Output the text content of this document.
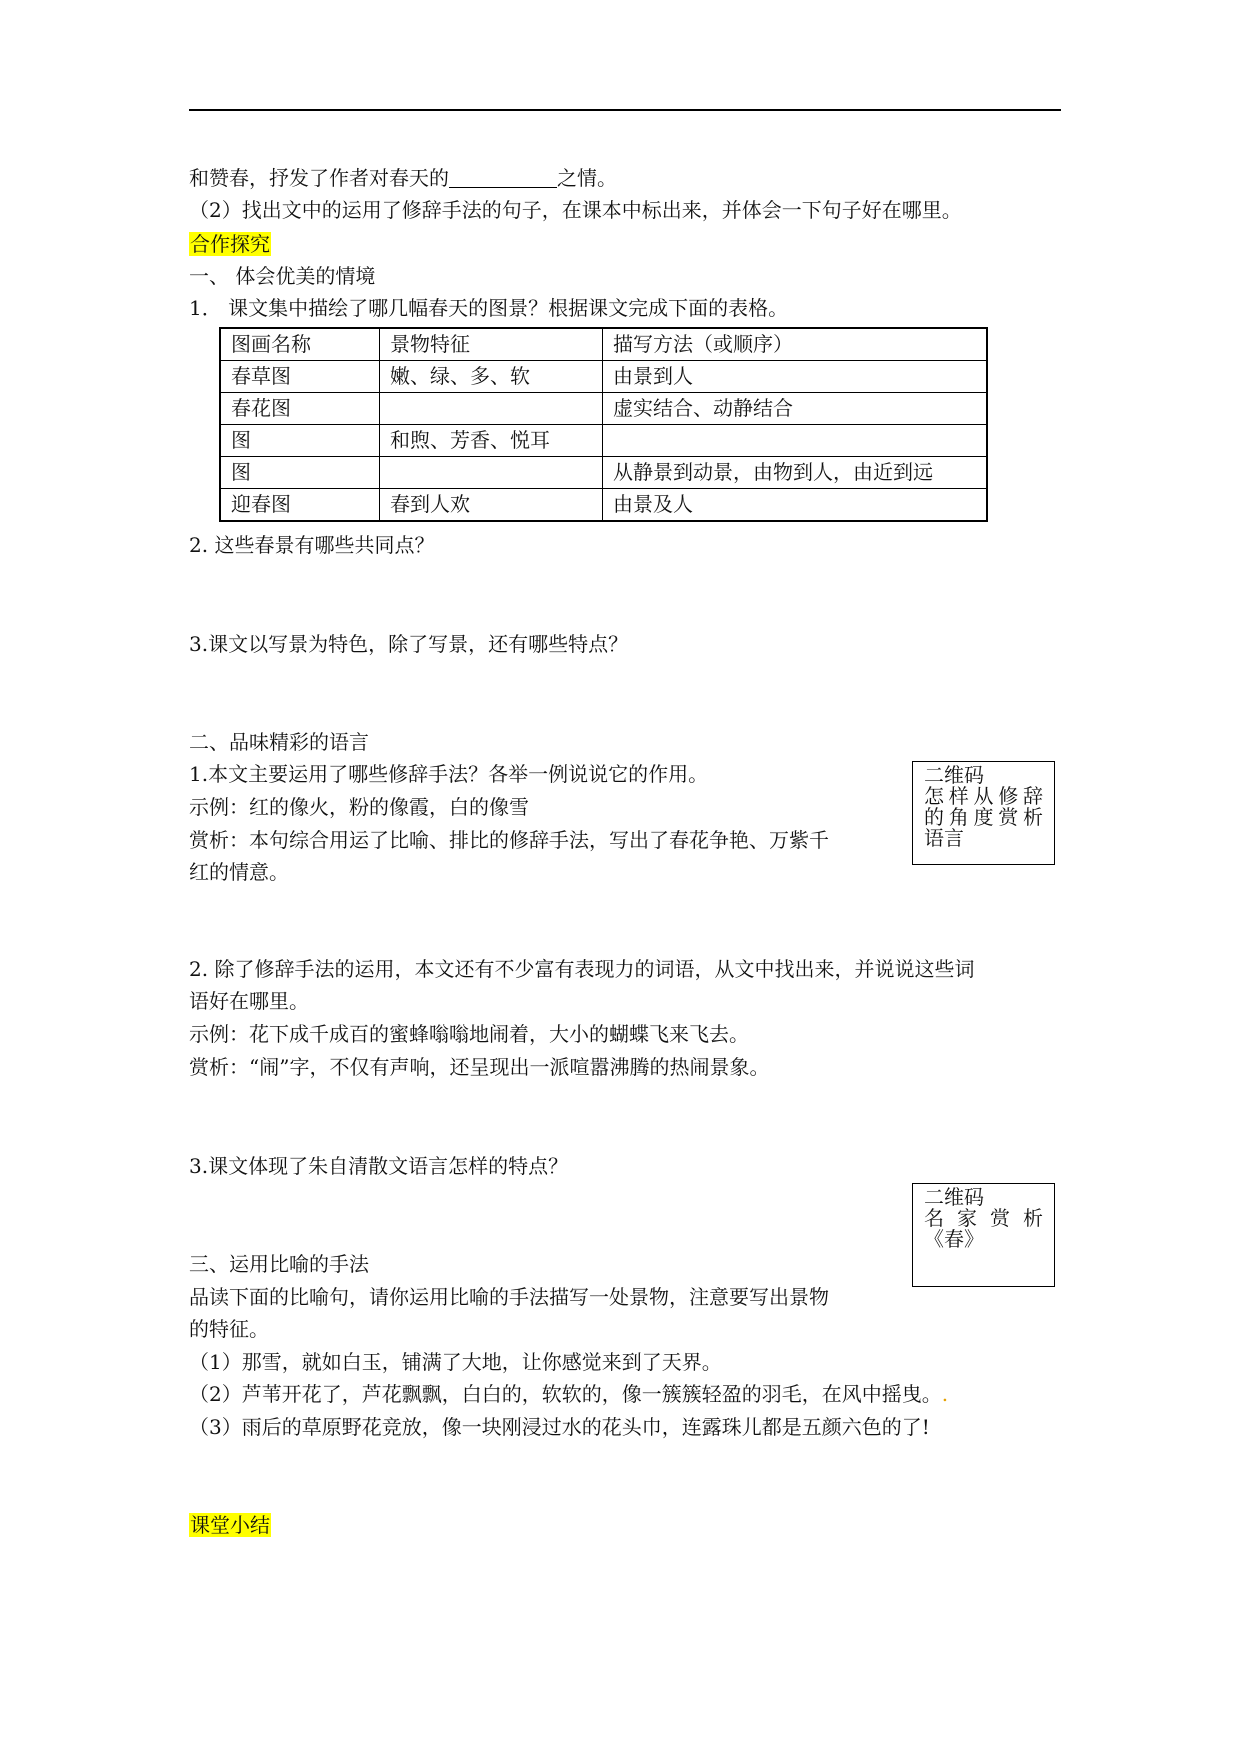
和赞春，抒发了作者对春天的	之情。
（2）找出文中的运用了修辞手法的句子，在课本中标出来，并体会一下句子好在哪里。
合作探究
一、 体会优美的情境
1． 课文集中描绘了哪几幅春天的图景？根据课文完成下面的表格。
图画名称	景物特征	描写方法（或顺序）
春草图	嫩、绿、多、软	由景到人
春花图		虚实结合、动静结合
图	和煦、芳香、悦耳	
图		从静景到动景，由物到人，由近到远
迎春图	春到人欢	由景及人
2. 这些春景有哪些共同点？
3.课文以写景为特色，除了写景，还有哪些特点？
二、品味精彩的语言
1.本文主要运用了哪些修辞手法？各举一例说说它的作用。
示例：红的像火，粉的像霞，白的像雪
赏析：本句综合用运了比喻、排比的修辞手法，写出了春花争艳、万紫千
红的情意。
二维码
怎样从修辞
的角度赏析
语言
2. 除了修辞手法的运用，本文还有不少富有表现力的词语，从文中找出来，并说说这些词
语好在哪里。
示例：花下成千成百的蜜蜂嗡嗡地闹着，大小的蝴蝶飞来飞去。
赏析：“闹”字，不仅有声响，还呈现出一派喧嚣沸腾的热闹景象。
3.课文体现了朱自清散文语言怎样的特点？
二维码
名家赏析
《春》
三、运用比喻的手法
品读下面的比喻句，请你运用比喻的手法描写一处景物，注意要写出景物
的特征。
（1）那雪，就如白玉，铺满了大地，让你感觉来到了天界。
（2）芦苇开花了，芦花飘飘，白白的，软软的，像一簇簇轻盈的羽毛，在风中摇曳。.
（3）雨后的草原野花竞放，像一块刚浸过水的花头巾，连露珠儿都是五颜六色的了!
课堂小结
